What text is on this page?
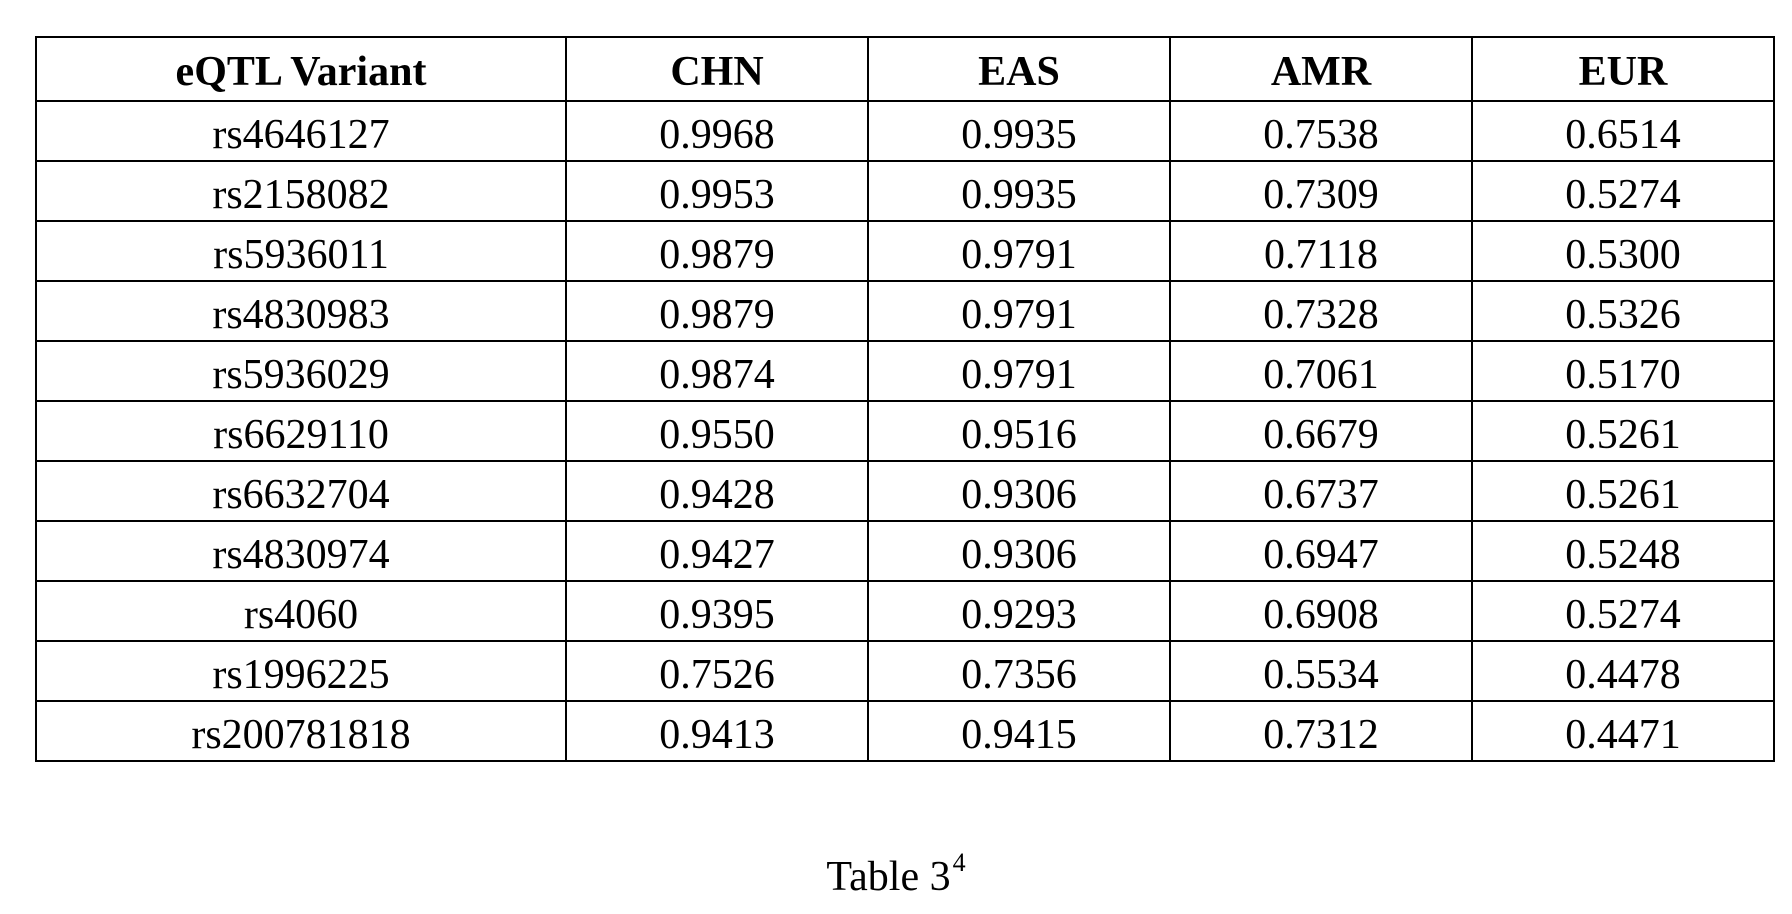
eQTL Variant	CHN	EAS	AMR	EUR
rs4646127	0.9968	0.9935	0.7538	0.6514
rs2158082	0.9953	0.9935	0.7309	0.5274
rs5936011	0.9879	0.9791	0.7118	0.5300
rs4830983	0.9879	0.9791	0.7328	0.5326
rs5936029	0.9874	0.9791	0.7061	0.5170
rs6629110	0.9550	0.9516	0.6679	0.5261
rs6632704	0.9428	0.9306	0.6737	0.5261
rs4830974	0.9427	0.9306	0.6947	0.5248
rs4060	0.9395	0.9293	0.6908	0.5274
rs1996225	0.7526	0.7356	0.5534	0.4478
rs200781818	0.9413	0.9415	0.7312	0.4471
Table $3^4$
